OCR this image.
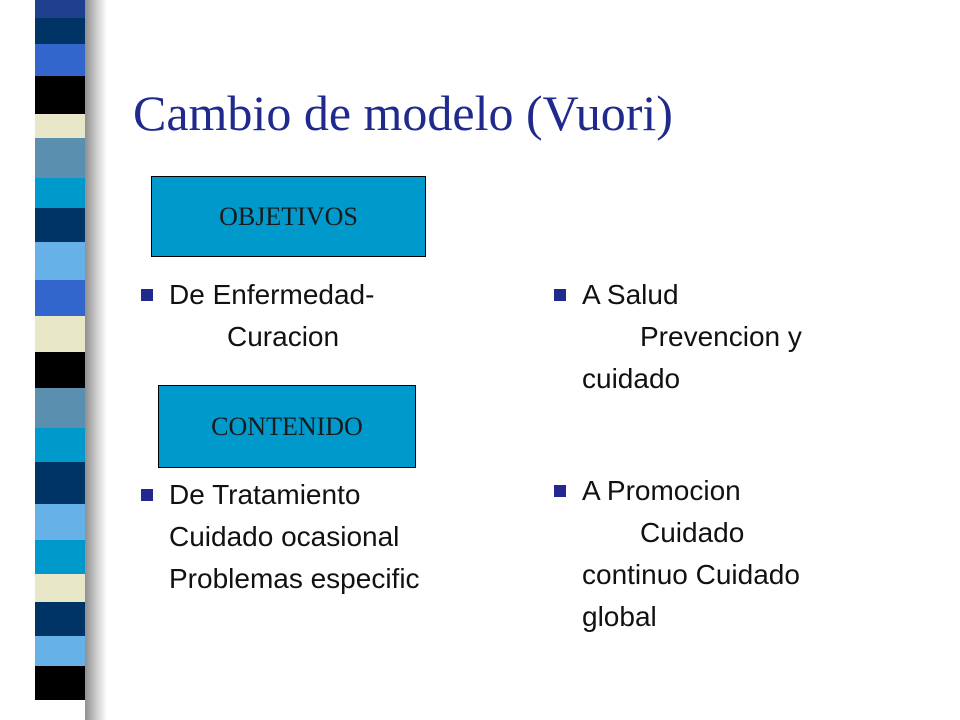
Cambio de modelo (Vuori)
OBJETIVOS
CONTENIDO
De Enfermedad-
Curacion
De Tratamiento
Cuidado ocasional
Problemas especific
A Salud
Prevencion y
cuidado
A Promocion
Cuidado
continuo Cuidado
global
